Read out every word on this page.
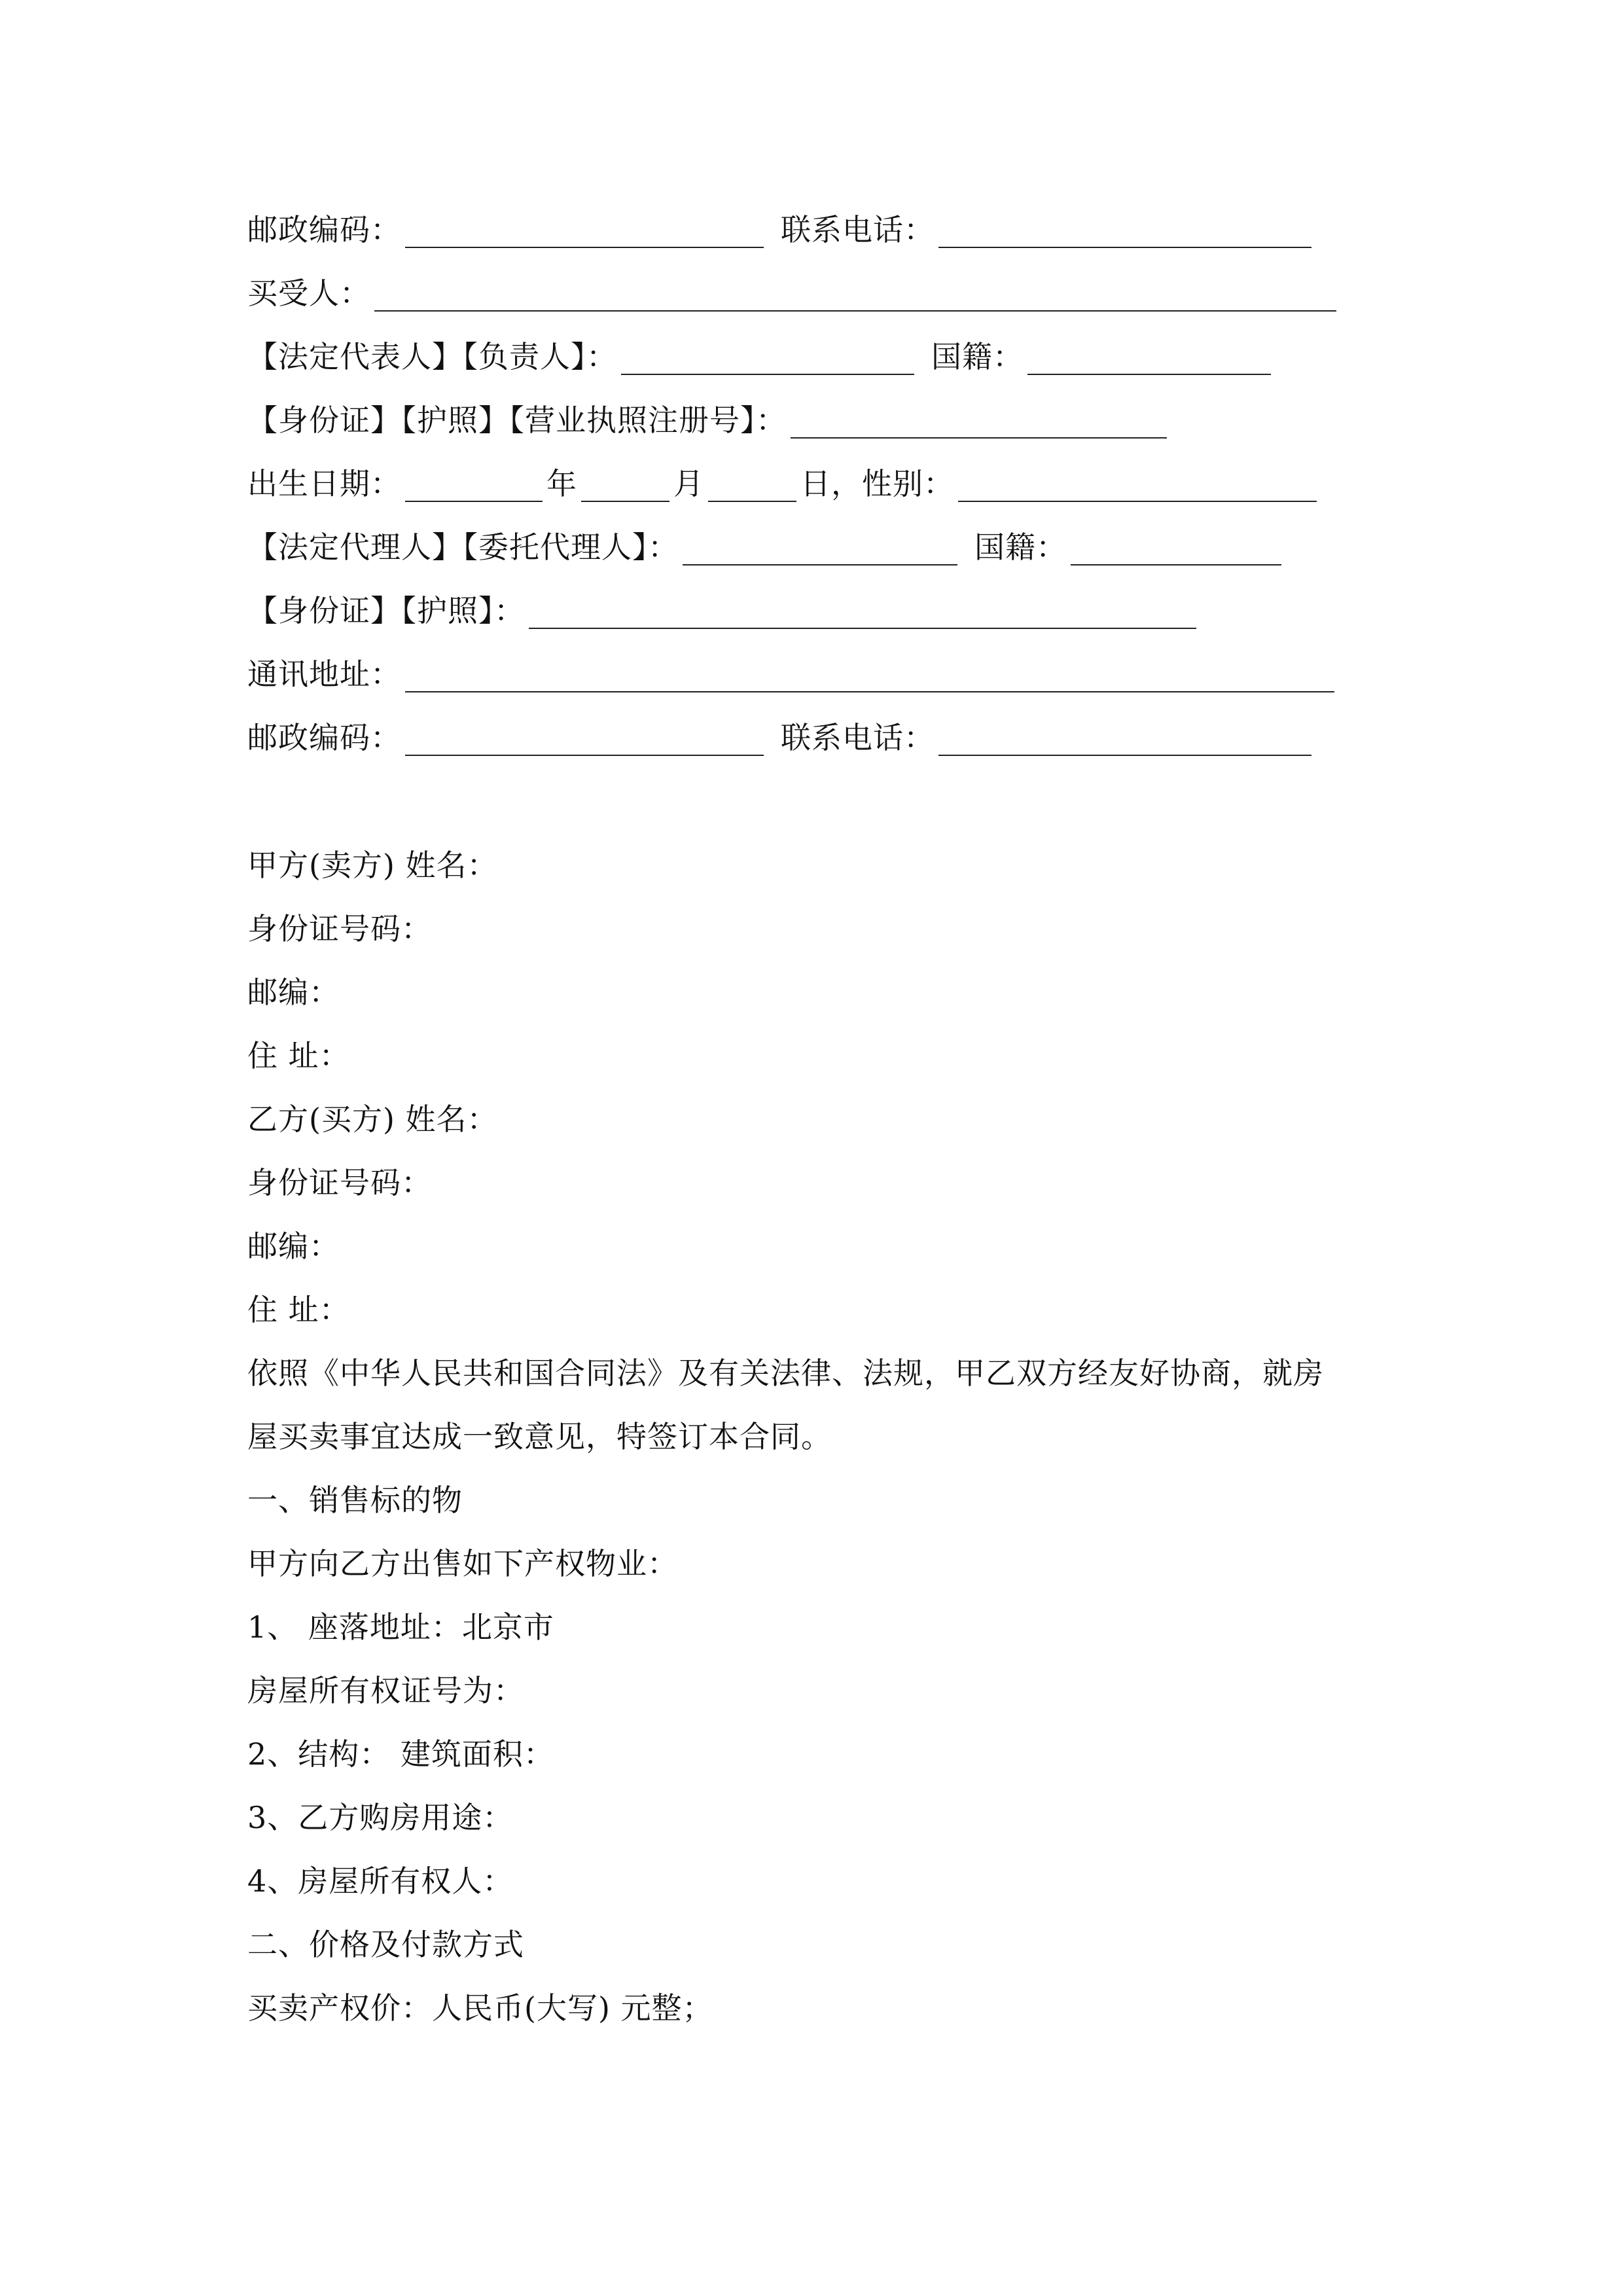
邮政编码：	联系电话：
买受人：
【法定代表人】【负责人】：	国籍：
【身份证】【护照】【营业执照注册号】：
出生日期：	年	月	日，性别：
【法定代理人】【委托代理人】：	国籍：
【身份证】【护照】：
通讯地址：
邮政编码：	联系电话：
甲方(卖方) 姓名：
身份证号码：
邮编：
住 址：
乙方(买方) 姓名：
身份证号码：
邮编：
住 址：
依照《中华人民共和国合同法》及有关法律、法规，甲乙双方经友好协商，就房
屋买卖事宜达成一致意见，特签订本合同。
一、销售标的物
甲方向乙方出售如下产权物业：
1、 座落地址：北京市
房屋所有权证号为：
2、结构： 建筑面积：
3、乙方购房用途：
4、房屋所有权人：
二、价格及付款方式
买卖产权价：人民币(大写) 元整；
